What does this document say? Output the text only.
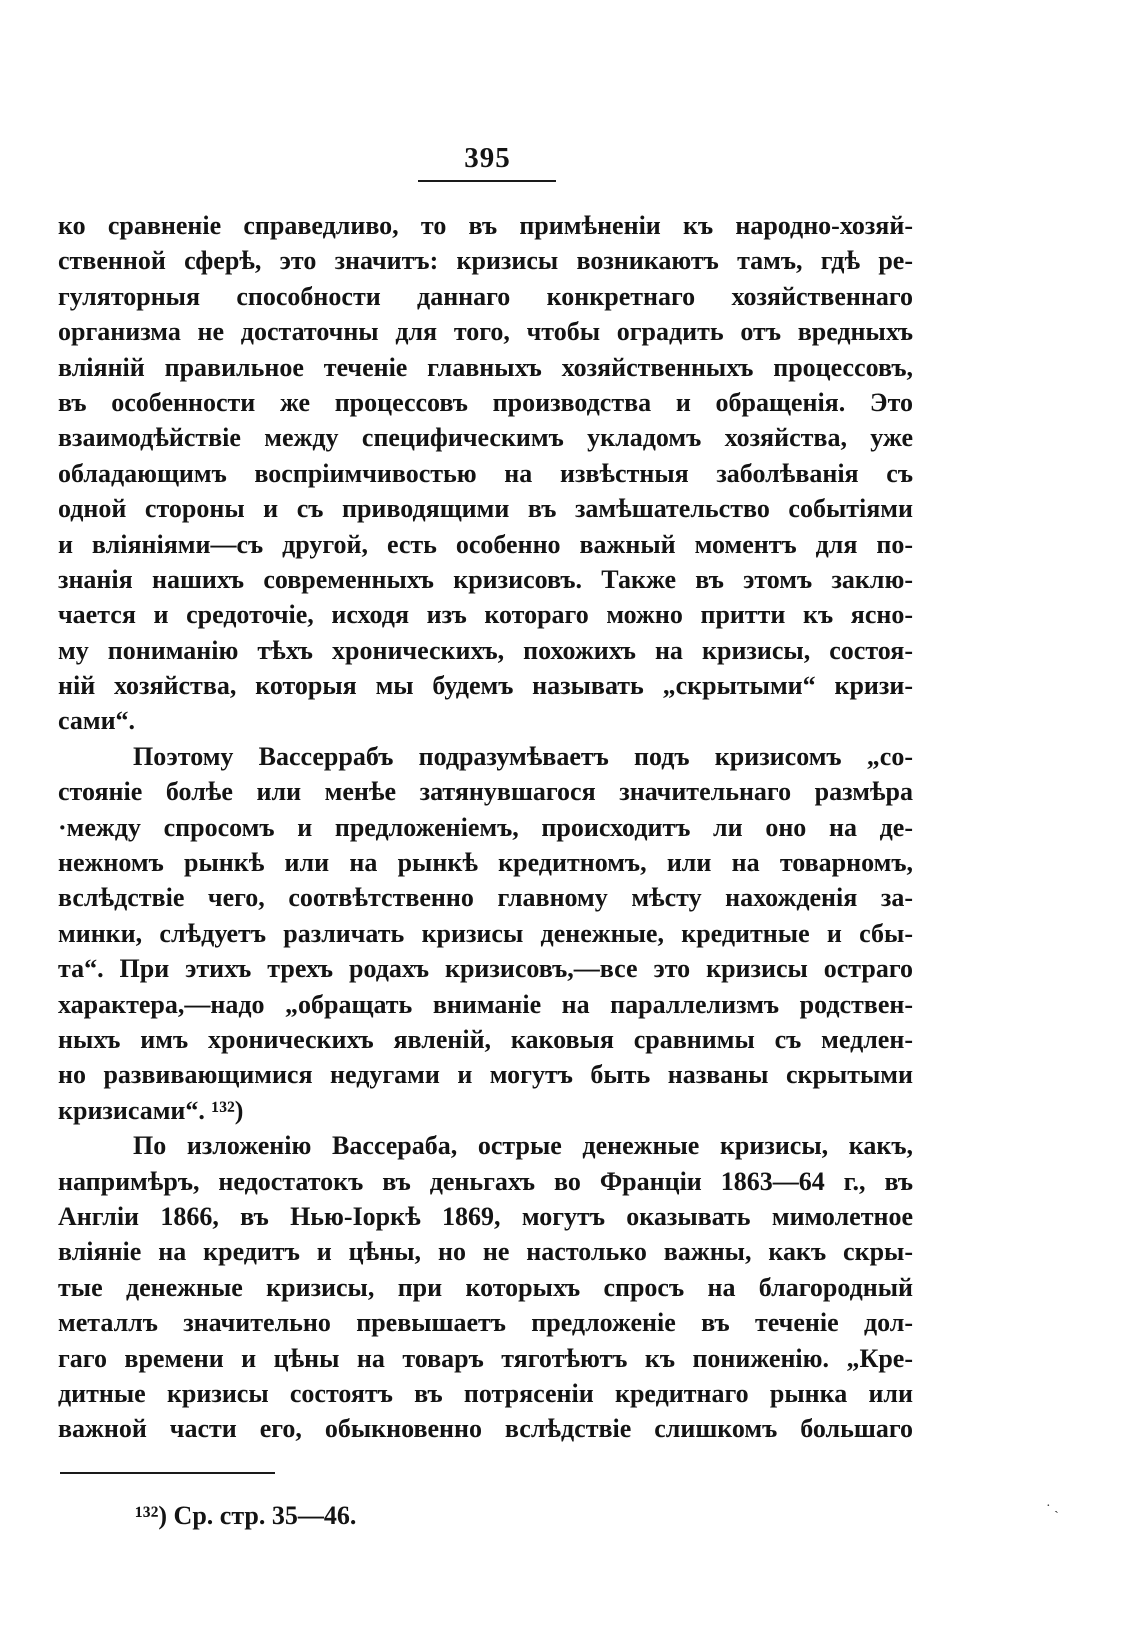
395
ко сравненіе справедливо, то въ примѣненіи къ народно-хозяй-
ственной сферѣ, это значитъ: кризисы возникаютъ тамъ, гдѣ ре-
гуляторныя способности даннаго конкретнаго хозяйственнаго
организма не достаточны для того, чтобы оградить отъ вредныхъ
вліяній правильное теченіе главныхъ хозяйственныхъ процессовъ,
въ особенности же процессовъ производства и обращенія. Это
взаимодѣйствіе между специфическимъ укладомъ хозяйства, уже
обладающимъ воспріимчивостью на извѣстныя заболѣванія съ
одной стороны и съ приводящими въ замѣшательство событіями
и вліяніями—съ другой, есть особенно важный моментъ для по-
знанія нашихъ современныхъ кризисовъ. Также въ этомъ заклю-
чается и средоточіе, исходя изъ котораго можно притти къ ясно-
му пониманію тѣхъ хроническихъ, похожихъ на кризисы, состоя-
ній хозяйства, которыя мы будемъ называть „скрытыми“ кризи-
сами“.
Поэтому Вассеррабъ подразумѣваетъ подъ кризисомъ „со-
стояніе болѣе или менѣе затянувшагося значительнаго размѣра
·между спросомъ и предложеніемъ, происходитъ ли оно на де-
нежномъ рынкѣ или на рынкѣ кредитномъ, или на товарномъ,
вслѣдствіе чего, соотвѣтственно главному мѣсту нахожденія за-
минки, слѣдуетъ различать кризисы денежные, кредитные и сбы-
та“. При этихъ трехъ родахъ кризисовъ,—все это кризисы остраго
характера,—надо „обращать вниманіе на параллелизмъ родствен-
ныхъ имъ хроническихъ явленій, каковыя сравнимы съ медлен-
но развивающимися недугами и могутъ быть названы скрытыми
кризисами“. ¹³²)
По изложенію Вассераба, острые денежные кризисы, какъ,
напримѣръ, недостатокъ въ деньгахъ во Франціи 1863—64 г., въ
Англіи 1866, въ Нью-Іоркѣ 1869, могутъ оказывать мимолетное
вліяніе на кредитъ и цѣны, но не настолько важны, какъ скры-
тые денежные кризисы, при которыхъ спросъ на благородный
металлъ значительно превышаетъ предложеніе въ теченіе дол-
гаго времени и цѣны на товаръ тяготѣютъ къ пониженію. „Кре-
дитные кризисы состоятъ въ потрясеніи кредитнаго рынка или
важной части его, обыкновенно вслѣдствіе слишкомъ большаго
¹³²) Ср. стр. 35—46.	· ˏ
